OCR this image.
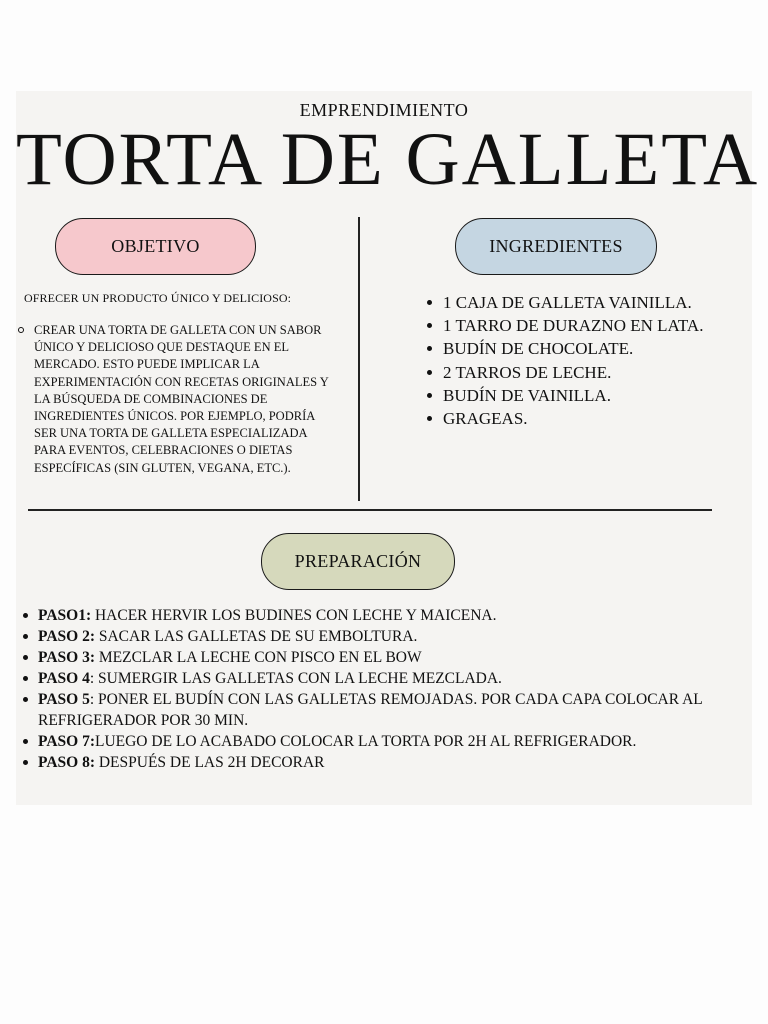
EMPRENDIMIENTO
TORTA DE GALLETA
OBJETIVO	INGREDIENTES
OFRECER UN PRODUCTO ÚNICO Y DELICIOSO:
CREAR UNA TORTA DE GALLETA CON UN SABOR ÚNICO Y DELICIOSO QUE DESTAQUE EN EL MERCADO. ESTO PUEDE IMPLICAR LA EXPERIMENTACIÓN CON RECETAS ORIGINALES Y LA BÚSQUEDA DE COMBINACIONES DE INGREDIENTES ÚNICOS. POR EJEMPLO, PODRÍA SER UNA TORTA DE GALLETA ESPECIALIZADA PARA EVENTOS, CELEBRACIONES O DIETAS ESPECÍFICAS (SIN GLUTEN, VEGANA, ETC.).
1 CAJA DE GALLETA VAINILLA.
1 TARRO DE DURAZNO EN LATA.
BUDÍN DE CHOCOLATE.
2 TARROS DE LECHE.
BUDÍN DE VAINILLA.
GRAGEAS.
PREPARACIÓN
PASO1: HACER HERVIR LOS BUDINES CON LECHE Y MAICENA.
PASO 2: SACAR LAS GALLETAS DE SU EMBOLTURA.
PASO 3: MEZCLAR LA LECHE CON PISCO EN EL BOW
PASO 4: SUMERGIR LAS GALLETAS CON LA LECHE MEZCLADA.
PASO 5: PONER EL BUDÍN CON LAS GALLETAS REMOJADAS. POR CADA CAPA COLOCAR AL REFRIGERADOR POR 30 MIN.
PASO 7:LUEGO DE LO ACABADO COLOCAR LA TORTA POR 2H AL REFRIGERADOR.
PASO 8: DESPUÉS DE LAS 2H DECORAR
